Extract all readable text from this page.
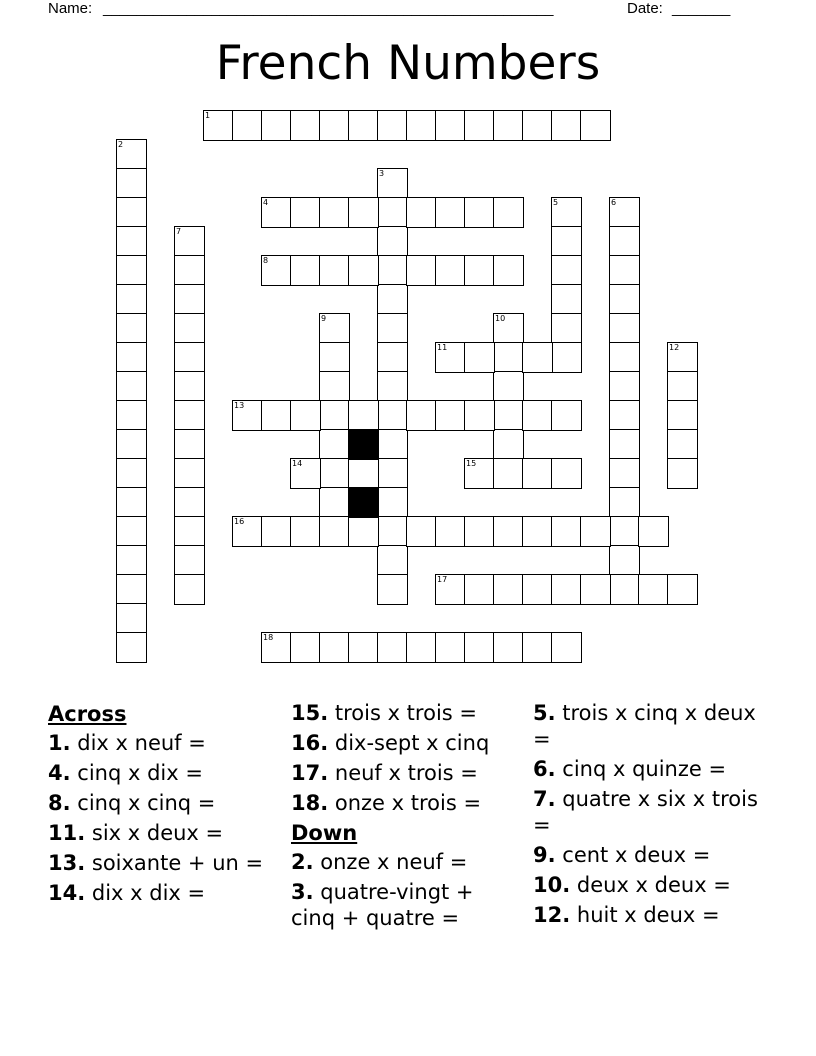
Name: ______________________________________________________	Date: _______
French Numbers
1
2
3
4	5	6
7
8
9	10
11	12
13
14	15
16
17
18
Across
1. dix x neuf =
4. cinq x dix =
8. cinq x cinq =
11. six x deux =
13. soixante + un =
14. dix x dix =
15. trois x trois =
16. dix-sept x cinq
17. neuf x trois =
18. onze x trois =
Down
2. onze x neuf =
3. quatre-vingt + cinq + quatre =
5. trois x cinq x deux =
6. cinq x quinze =
7. quatre x six x trois =
9. cent x deux =
10. deux x deux =
12. huit x deux =
